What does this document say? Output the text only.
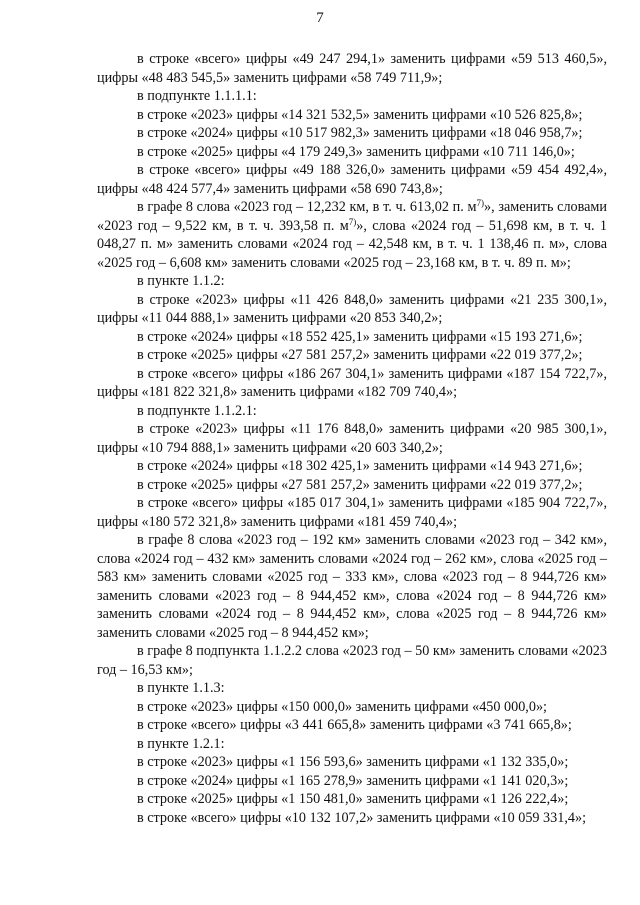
7

в строке «всего» цифры «49 247 294,1» заменить цифрами «59 513 460,5», цифры «48 483 545,5» заменить цифрами «58 749 711,9»;

в подпункте 1.1.1.1:

в строке «2023» цифры «14 321 532,5» заменить цифрами «10 526 825,8»;

в строке «2024» цифры «10 517 982,3» заменить цифрами «18 046 958,7»;

в строке «2025» цифры «4 179 249,3» заменить цифрами «10 711 146,0»;

в строке «всего» цифры «49 188 326,0» заменить цифрами «59 454 492,4», цифры «48 424 577,4» заменить цифрами «58 690 743,8»;

в графе 8 слова «2023 год – 12,232 км, в т. ч. 613,02 п. $м^{7)}$», заменить словами «2023 год – 9,522 км, в т. ч. 393,58 п. $м^{7)}$», слова «2024 год – 51,698 км, в т. ч. 1 048,27 п. м» заменить словами «2024 год – 42,548 км, в т. ч. 1 138,46 п. м», слова «2025 год – 6,608 км» заменить словами «2025 год – 23,168 км, в т. ч. 89 п. м»;

в пункте 1.1.2:

в строке «2023» цифры «11 426 848,0» заменить цифрами «21 235 300,1», цифры «11 044 888,1» заменить цифрами «20 853 340,2»;

в строке «2024» цифры «18 552 425,1» заменить цифрами «15 193 271,6»;

в строке «2025» цифры «27 581 257,2» заменить цифрами «22 019 377,2»;

в строке «всего» цифры «186 267 304,1» заменить цифрами «187 154 722,7», цифры «181 822 321,8» заменить цифрами «182 709 740,4»;

в подпункте 1.1.2.1:

в строке «2023» цифры «11 176 848,0» заменить цифрами «20 985 300,1», цифры «10 794 888,1» заменить цифрами «20 603 340,2»;

в строке «2024» цифры «18 302 425,1» заменить цифрами «14 943 271,6»;

в строке «2025» цифры «27 581 257,2» заменить цифрами «22 019 377,2»;

в строке «всего» цифры «185 017 304,1» заменить цифрами «185 904 722,7», цифры «180 572 321,8» заменить цифрами «181 459 740,4»;

в графе 8 слова «2023 год – 192 км» заменить словами «2023 год – 342 км», слова «2024 год – 432 км» заменить словами «2024 год – 262 км», слова «2025 год – 583 км» заменить словами «2025 год – 333 км», слова «2023 год – 8 944,726 км» заменить словами «2023 год – 8 944,452 км», слова «2024 год – 8 944,726 км» заменить словами «2024 год – 8 944,452 км», слова «2025 год – 8 944,726 км» заменить словами «2025 год – 8 944,452 км»;

в графе 8 подпункта 1.1.2.2 слова «2023 год – 50 км» заменить словами «2023 год – 16,53 км»;

в пункте 1.1.3:

в строке «2023» цифры «150 000,0» заменить цифрами «450 000,0»;

в строке «всего» цифры «3 441 665,8» заменить цифрами «3 741 665,8»;

в пункте 1.2.1:

в строке «2023» цифры «1 156 593,6» заменить цифрами «1 132 335,0»;

в строке «2024» цифры «1 165 278,9» заменить цифрами «1 141 020,3»;

в строке «2025» цифры «1 150 481,0» заменить цифрами «1 126 222,4»;

в строке «всего» цифры «10 132 107,2» заменить цифрами «10 059 331,4»;
